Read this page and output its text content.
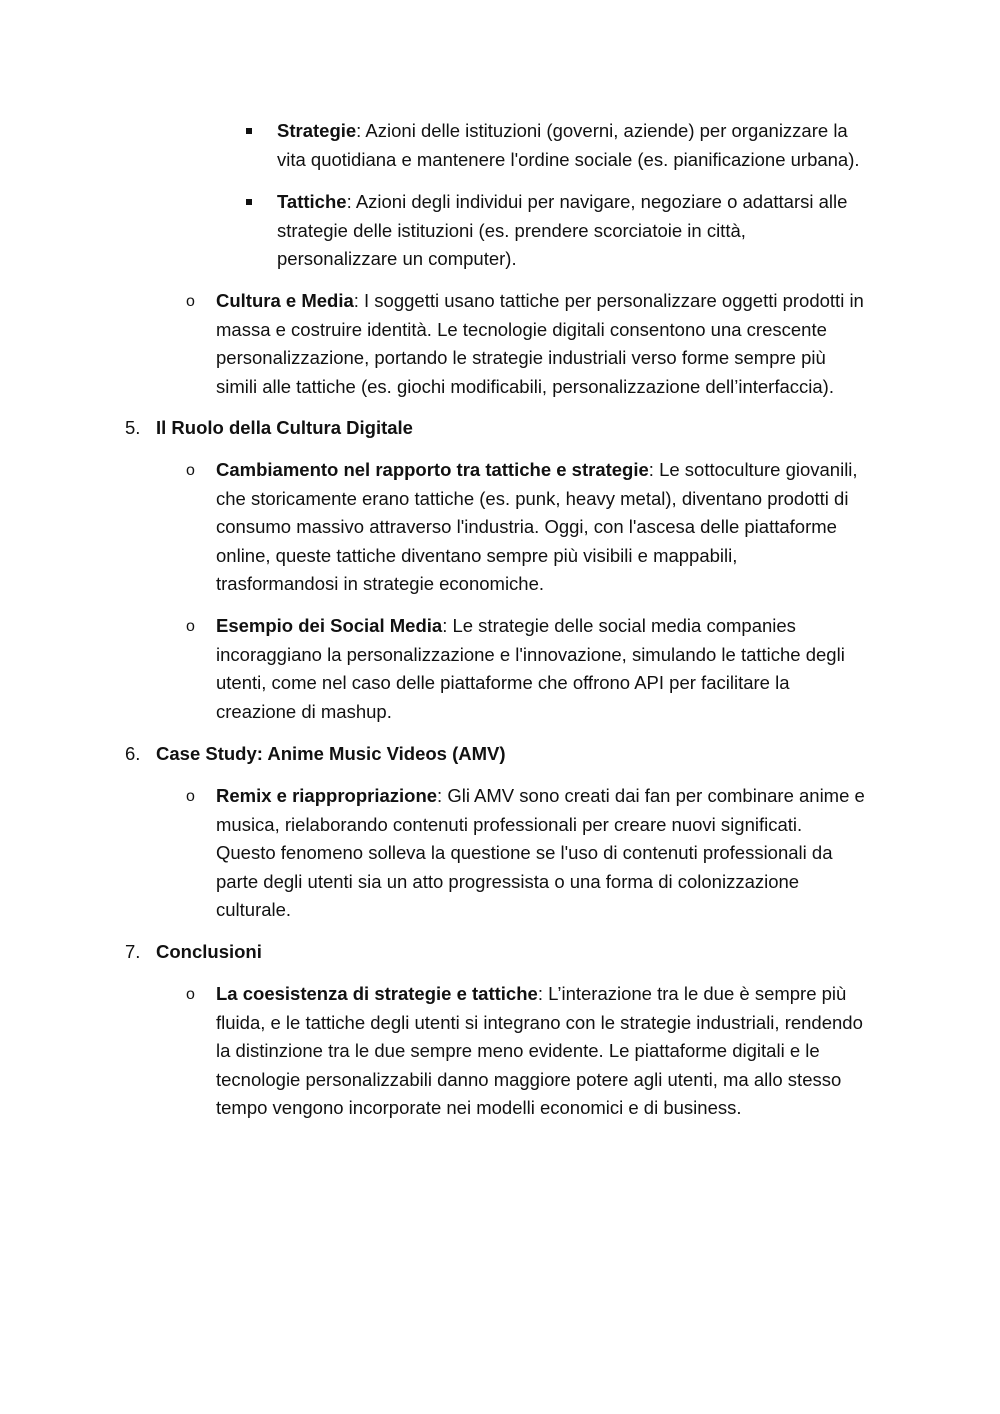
Strategie: Azioni delle istituzioni (governi, aziende) per organizzare la

vita quotidiana e mantenere l'ordine sociale (es. pianificazione urbana).

Tattiche: Azioni degli individui per navigare, negoziare o adattarsi alle

strategie delle istituzioni (es. prendere scorciatoie in città,

personalizzare un computer).

o Cultura e Media: I soggetti usano tattiche per personalizzare oggetti prodotti in

massa e costruire identità. Le tecnologie digitali consentono una crescente

personalizzazione, portando le strategie industriali verso forme sempre più

simili alle tattiche (es. giochi modificabili, personalizzazione dell’interfaccia).

5. Il Ruolo della Cultura Digitale
o Cambiamento nel rapporto tra tattiche e strategie: Le sottoculture giovanili,

che storicamente erano tattiche (es. punk, heavy metal), diventano prodotti di

consumo massivo attraverso l'industria. Oggi, con l'ascesa delle piattaforme

online, queste tattiche diventano sempre più visibili e mappabili,

trasformandosi in strategie economiche.

o Esempio dei Social Media: Le strategie delle social media companies

incoraggiano la personalizzazione e l'innovazione, simulando le tattiche degli

utenti, come nel caso delle piattaforme che offrono API per facilitare la

creazione di mashup.

6. Case Study: Anime Music Videos (AMV)
o Remix e riappropriazione: Gli AMV sono creati dai fan per combinare anime e

musica, rielaborando contenuti professionali per creare nuovi significati.

Questo fenomeno solleva la questione se l'uso di contenuti professionali da

parte degli utenti sia un atto progressista o una forma di colonizzazione

culturale.

7. Conclusioni
o La coesistenza di strategie e tattiche: L’interazione tra le due è sempre più

fluida, e le tattiche degli utenti si integrano con le strategie industriali, rendendo

la distinzione tra le due sempre meno evidente. Le piattaforme digitali e le

tecnologie personalizzabili danno maggiore potere agli utenti, ma allo stesso

tempo vengono incorporate nei modelli economici e di business.
